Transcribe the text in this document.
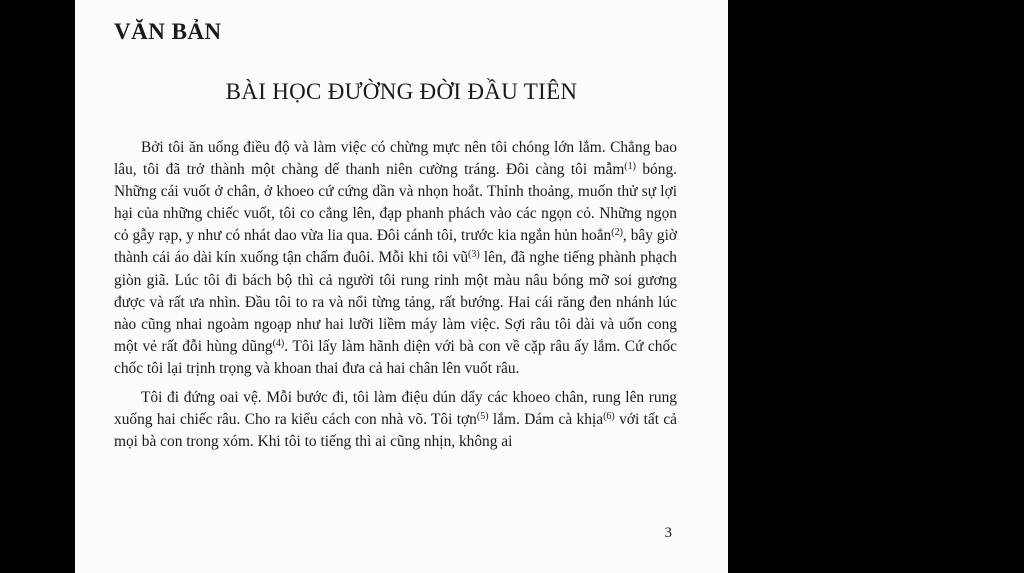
VĂN BẢN
BÀI HỌC ĐƯỜNG ĐỜI ĐẦU TIÊN

Bởi tôi ăn uống điều độ và làm việc có chừng mực nên tôi chóng lớn lắm. Chẳng bao lâu, tôi đã trở thành một chàng dế thanh niên cường tráng. Đôi càng tôi mẫm$^{(1)}$ bóng. Những cái vuốt ở chân, ở khoeo cứ cứng dần và nhọn hoắt. Thỉnh thoảng, muốn thử sự lợi hại của những chiếc vuốt, tôi co cẳng lên, đạp phanh phách vào các ngọn cỏ. Những ngọn cỏ gẫy rạp, y như có nhát dao vừa lia qua. Đôi cánh tôi, trước kia ngắn hủn hoẳn$^{(2)}$, bây giờ thành cái áo dài kín xuống tận chấm đuôi. Mỗi khi tôi $vũ^{(3)}$ lên, đã nghe tiếng phành phạch giòn giã. Lúc tôi đi bách bộ thì cả người tôi rung rinh một màu nâu bóng mỡ soi gương được và rất ưa nhìn. Đầu tôi to ra và nổi từng tảng, rất bướng. Hai cái răng đen nhánh lúc nào cũng nhai ngoàm ngoạp như hai lưỡi liềm máy làm việc. Sợi râu tôi dài và uốn cong một vẻ rất đỗi hùng dũng$^{(4)}$. Tôi lấy làm hãnh diện với bà con về cặp râu ấy lắm. Cứ chốc chốc tôi lại trịnh trọng và khoan thai đưa cả hai chân lên vuốt râu.

Tôi đi đứng oai vệ. Mỗi bước đi, tôi làm điệu dún dẩy các khoeo chân, rung lên rung xuống hai chiếc râu. Cho ra kiểu cách con nhà võ. Tôi tợn$^{(5)}$ lắm. Dám cà khịa$^{(6)}$ với tất cả mọi bà con trong xóm. Khi tôi to tiếng thì ai cũng nhịn, không ai

3
